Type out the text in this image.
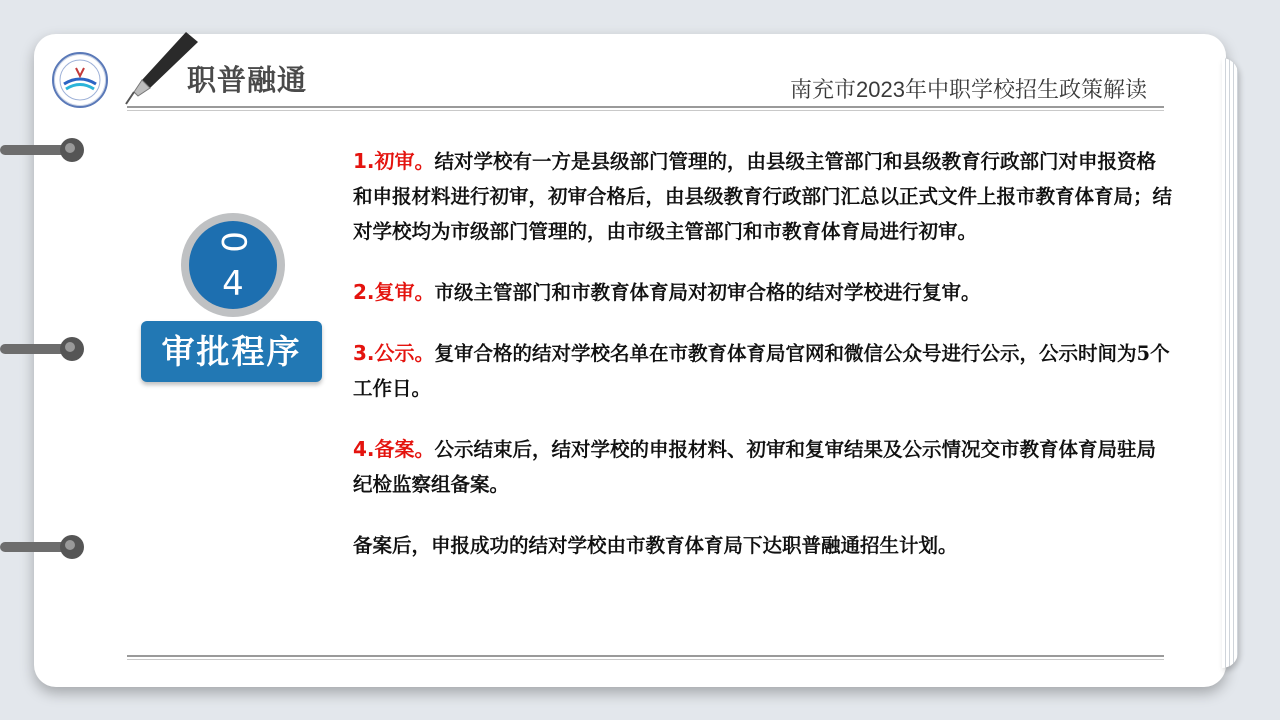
职普融通	南充市2023年中职学校招生政策解读
0
4
审批程序

1.初审。结对学校有一方是县级部门管理的，由县级主管部门和县级教育行政部门对申报资格和申报材料进行初审，初审合格后，由县级教育行政部门汇总以正式文件上报市教育体育局；结对学校均为市级部门管理的，由市级主管部门和市教育体育局进行初审。

2.复审。市级主管部门和市教育体育局对初审合格的结对学校进行复审。

3.公示。复审合格的结对学校名单在市教育体育局官网和微信公众号进行公示，公示时间为5个工作日。

4.备案。公示结束后，结对学校的申报材料、初审和复审结果及公示情况交市教育体育局驻局纪检监察组备案。

备案后，申报成功的结对学校由市教育体育局下达职普融通招生计划。
